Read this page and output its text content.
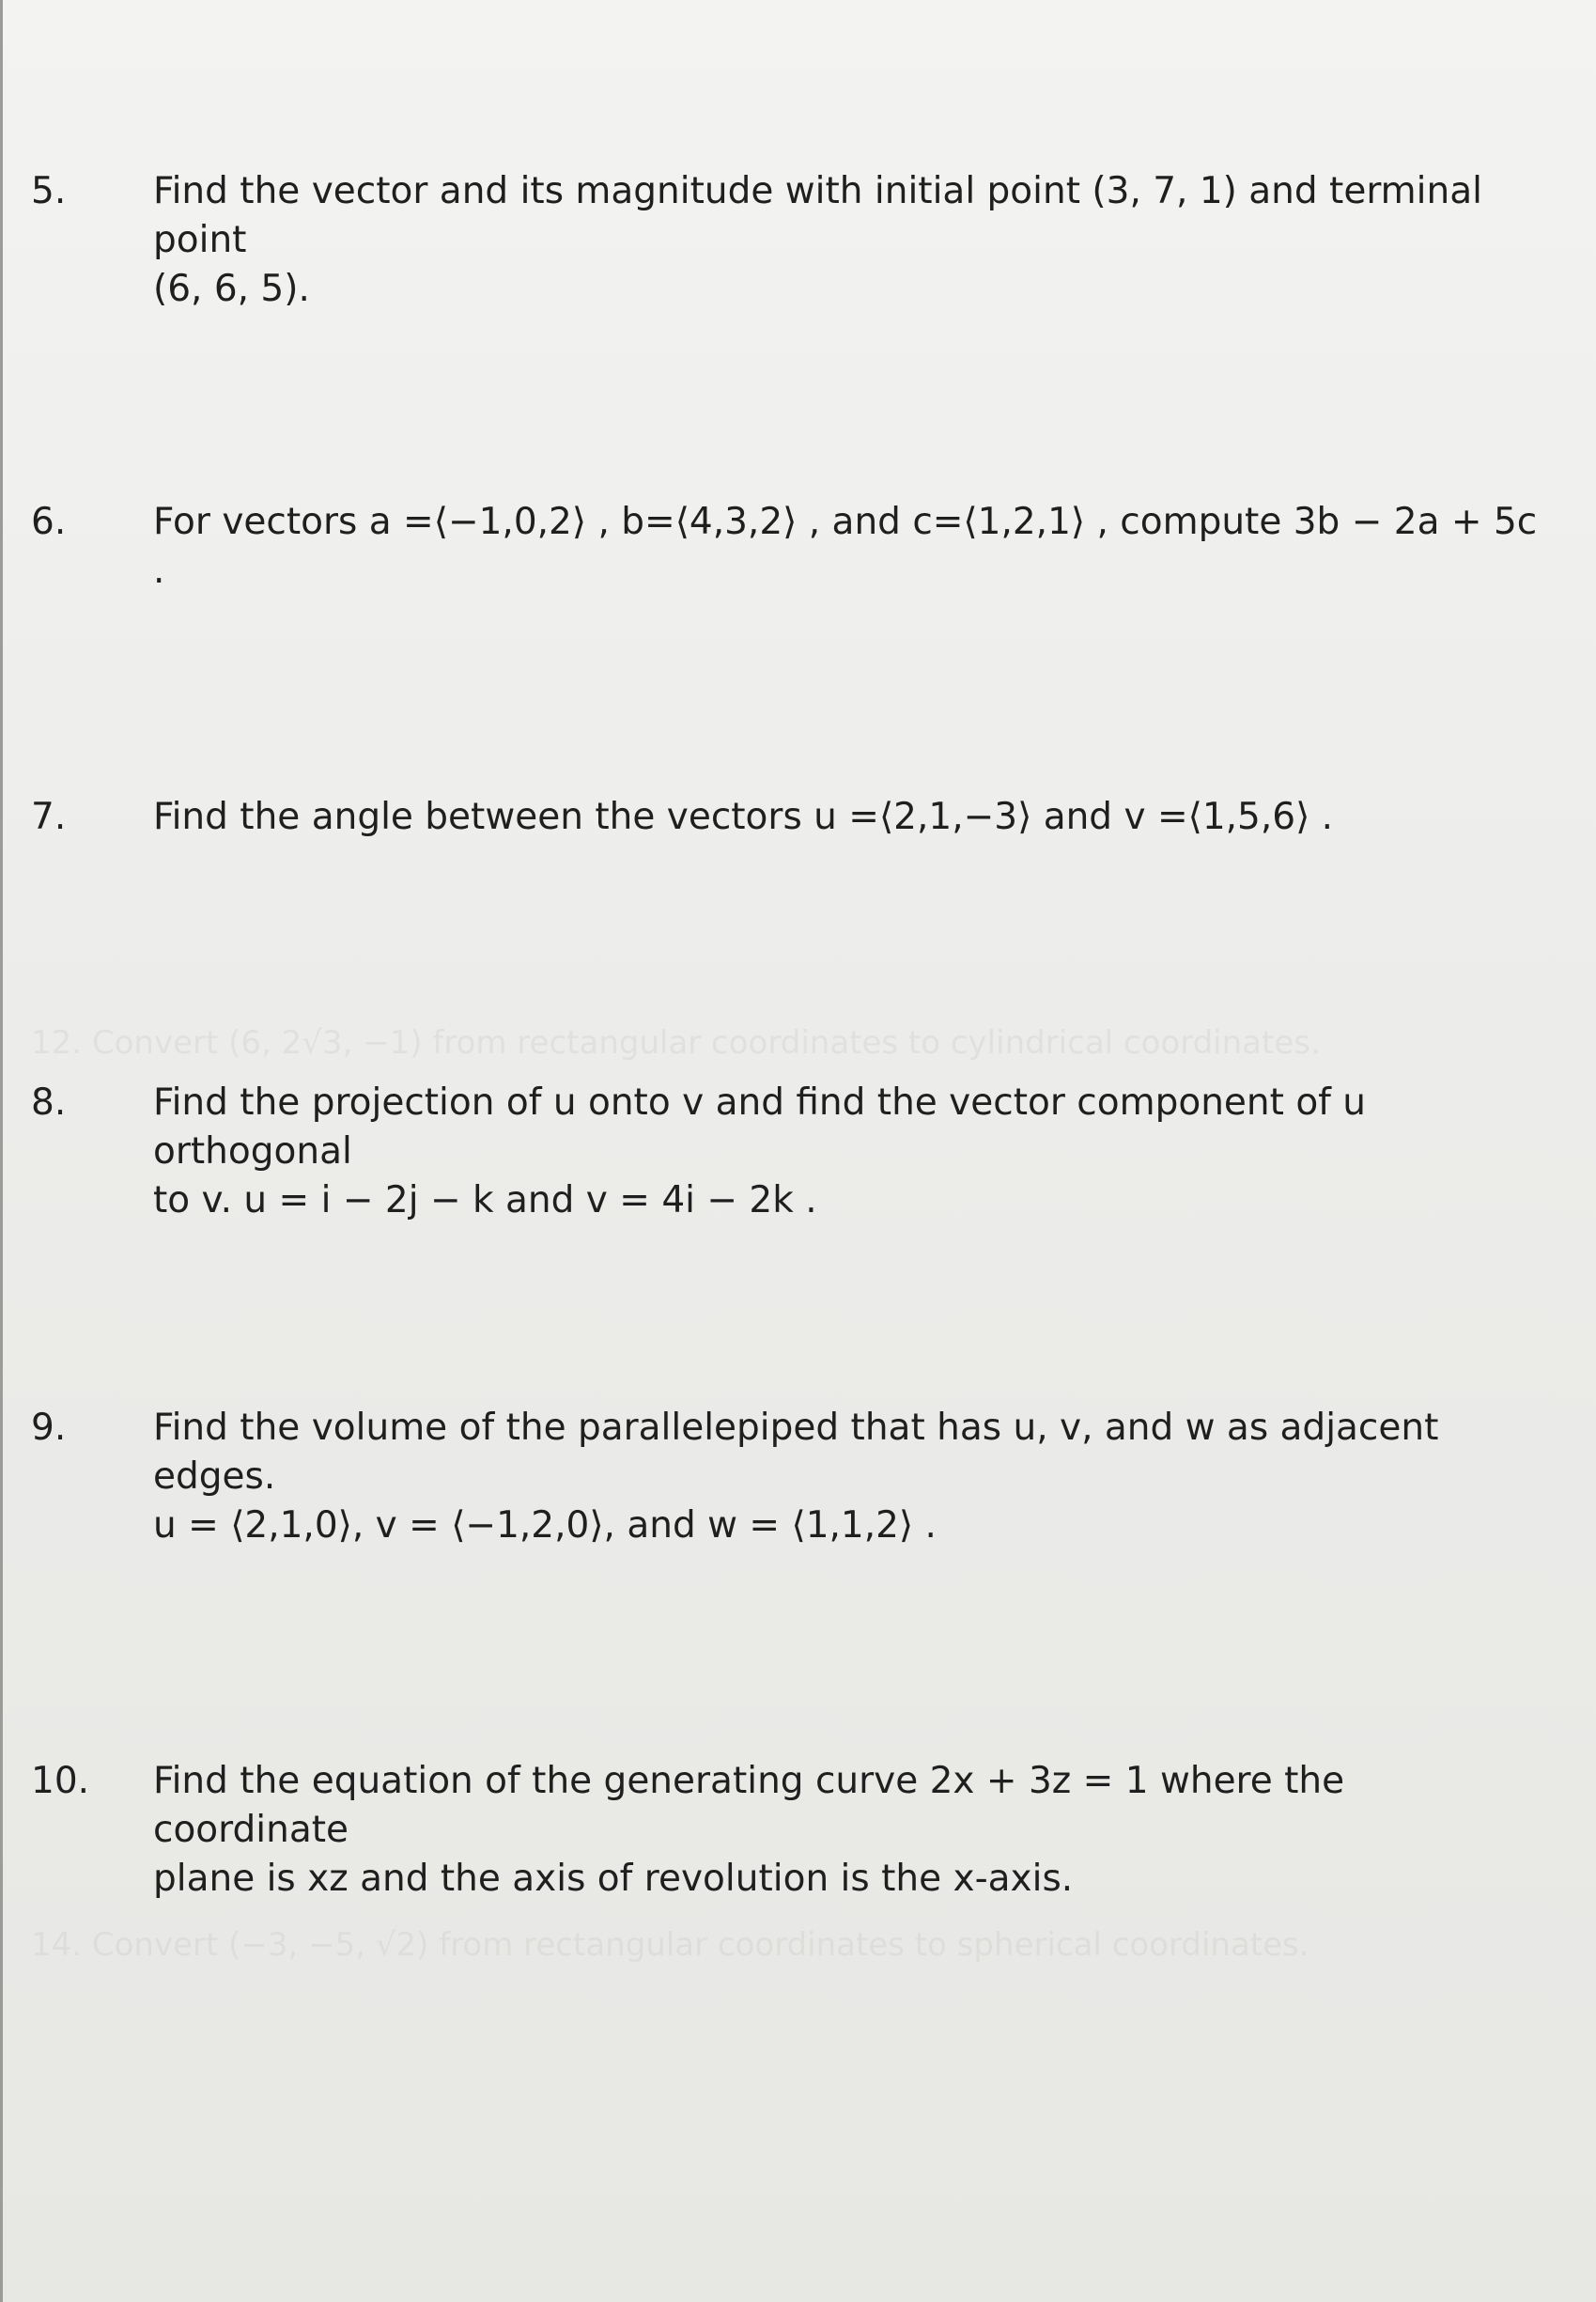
12. Convert (6, 2√3, −1) from rectangular coordinates to cylindrical coordinates.
14. Convert (−3, −5, √2) from rectangular coordinates to spherical coordinates.
5.	Find the vector and its magnitude with initial point (3, 7, 1) and terminal point
(6, 6, 5).
6.	For vectors a =⟨−1,0,2⟩ , b=⟨4,3,2⟩ , and c=⟨1,2,1⟩ , compute 3b − 2a + 5c .
7.	Find the angle between the vectors u =⟨2,1,−3⟩ and v =⟨1,5,6⟩ .
8.	Find the projection of u onto v and find the vector component of u orthogonal
to v. u = i − 2j − k and v = 4i − 2k .
9.	Find the volume of the parallelepiped that has u, v, and w as adjacent edges.
u = ⟨2,1,0⟩, v = ⟨−1,2,0⟩, and w = ⟨1,1,2⟩ .
10.	Find the equation of the generating curve 2x + 3z = 1 where the coordinate
plane is xz and the axis of revolution is the x-axis.
